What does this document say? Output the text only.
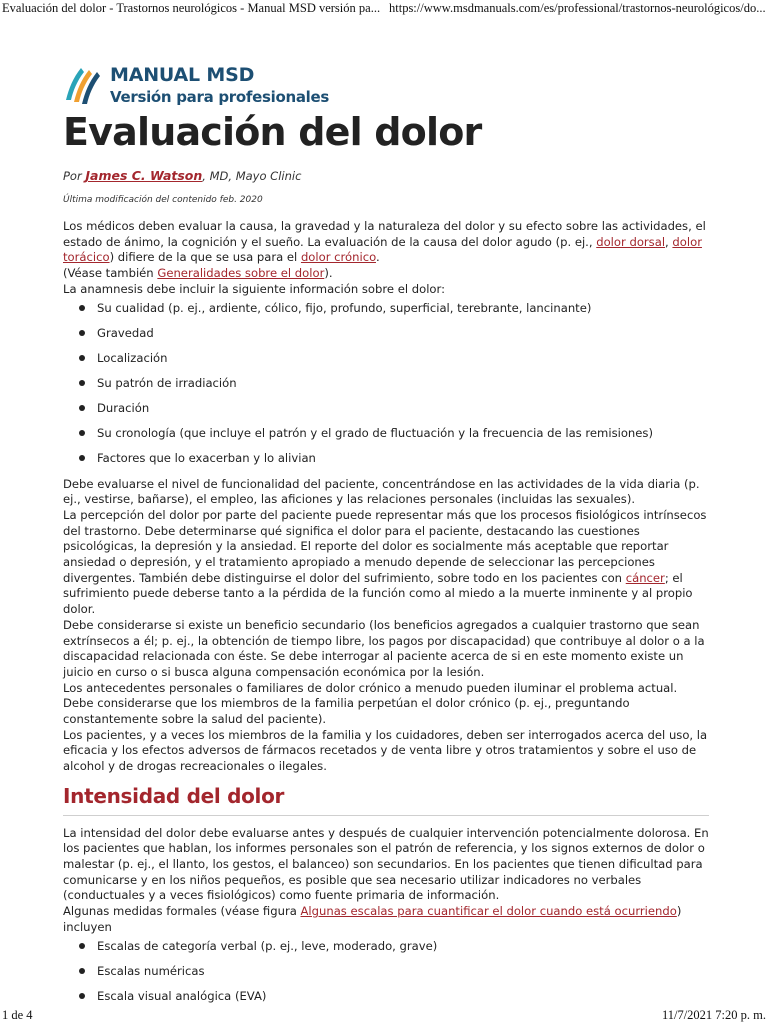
Evaluación del dolor - Trastornos neurológicos - Manual MSD versión pa... https://www.msdmanuals.com/es/professional/trastornos-neurológicos/do...
MANUAL MSD
Versión para profesionales
Evaluación del dolor
Por James C. Watson, MD, Mayo Clinic
Última modificación del contenido feb. 2020

Los médicos deben evaluar la causa, la gravedad y la naturaleza del dolor y su efecto sobre las actividades, el estado de ánimo, la cognición y el sueño. La evaluación de la causa del dolor agudo (p. ej., dolor dorsal, dolor torácico) difiere de la que se usa para el dolor crónico.

(Véase también Generalidades sobre el dolor).

La anamnesis debe incluir la siguiente información sobre el dolor:

Su cualidad (p. ej., ardiente, cólico, fijo, profundo, superficial, terebrante, lancinante)
Gravedad
Localización
Su patrón de irradiación
Duración
Su cronología (que incluye el patrón y el grado de fluctuación y la frecuencia de las remisiones)
Factores que lo exacerban y lo alivian

Debe evaluarse el nivel de funcionalidad del paciente, concentrándose en las actividades de la vida diaria (p. ej., vestirse, bañarse), el empleo, las aficiones y las relaciones personales (incluidas las sexuales).

La percepción del dolor por parte del paciente puede representar más que los procesos fisiológicos intrínsecos del trastorno. Debe determinarse qué significa el dolor para el paciente, destacando las cuestiones psicológicas, la depresión y la ansiedad. El reporte del dolor es socialmente más aceptable que reportar ansiedad o depresión, y el tratamiento apropiado a menudo depende de seleccionar las percepciones divergentes. También debe distinguirse el dolor del sufrimiento, sobre todo en los pacientes con cáncer; el sufrimiento puede deberse tanto a la pérdida de la función como al miedo a la muerte inminente y al propio dolor.

Debe considerarse si existe un beneficio secundario (los beneficios agregados a cualquier trastorno que sean extrínsecos a él; p. ej., la obtención de tiempo libre, los pagos por discapacidad) que contribuye al dolor o a la discapacidad relacionada con éste. Se debe interrogar al paciente acerca de si en este momento existe un juicio en curso o si busca alguna compensación económica por la lesión.

Los antecedentes personales o familiares de dolor crónico a menudo pueden iluminar el problema actual. Debe considerarse que los miembros de la familia perpetúan el dolor crónico (p. ej., preguntando constantemente sobre la salud del paciente).

Los pacientes, y a veces los miembros de la familia y los cuidadores, deben ser interrogados acerca del uso, la eficacia y los efectos adversos de fármacos recetados y de venta libre y otros tratamientos y sobre el uso de alcohol y de drogas recreacionales o ilegales.

Intensidad del dolor

La intensidad del dolor debe evaluarse antes y después de cualquier intervención potencialmente dolorosa. En los pacientes que hablan, los informes personales son el patrón de referencia, y los signos externos de dolor o malestar (p. ej., el llanto, los gestos, el balanceo) son secundarios. En los pacientes que tienen dificultad para comunicarse y en los niños pequeños, es posible que sea necesario utilizar indicadores no verbales (conductuales y a veces fisiológicos) como fuente primaria de información.

Algunas medidas formales (véase figura Algunas escalas para cuantificar el dolor cuando está ocurriendo) incluyen

Escalas de categoría verbal (p. ej., leve, moderado, grave)
Escalas numéricas
Escala visual analógica (EVA)
1 de 4	11/7/2021 7:20 p. m.
